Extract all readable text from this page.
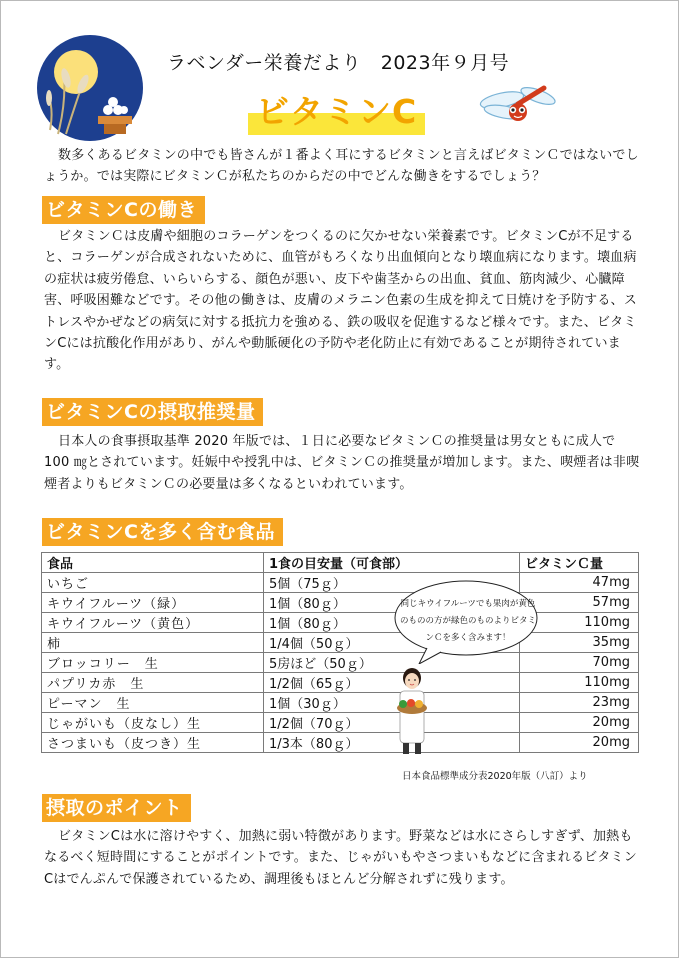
ラベンダー栄養だより　2023年９月号
ビタミンC
数多くあるビタミンの中でも皆さんが１番よく耳にするビタミンと言えばビタミンＣではないでしょうか。では実際にビタミンＣが私たちのからだの中でどんな働きをするでしょう？
ビタミンCの働き
ビタミンＣは皮膚や細胞のコラーゲンをつくるのに欠かせない栄養素です。ビタミンCが不足すると、コラーゲンが合成されないために、血管がもろくなり出血傾向となり壊血病になります。壊血病の症状は疲労倦怠、いらいらする、顔色が悪い、皮下や歯茎からの出血、貧血、筋肉減少、心臓障害、呼吸困難などです。その他の働きは、皮膚のメラニン色素の生成を抑えて日焼けを予防する、ストレスやかぜなどの病気に対する抵抗力を強める、鉄の吸収を促進するなど様々です。また、ビタミンCには抗酸化作用があり、がんや動脈硬化の予防や老化防止に有効であることが期待されています。
ビタミンCの摂取推奨量
日本人の食事摂取基準 2020 年版では、１日に必要なビタミンＣの推奨量は男女ともに成人で 100 ㎎とされています。妊娠中や授乳中は、ビタミンＣの推奨量が増加します。また、喫煙者は非喫煙者よりもビタミンＣの必要量は多くなるといわれています。
ビタミンCを多く含む食品
食品	1食の目安量（可食部）	ビタミンＣ量
いちご	5個（75ｇ）	47mg
キウイフルーツ（緑）	1個（80ｇ）	57mg
キウイフルーツ（黄色）	1個（80ｇ）	110mg
柿	1/4個（50ｇ）	35mg
ブロッコリー　生	5房ほど（50ｇ）	70mg
パプリカ赤　生	1/2個（65ｇ）	110mg
ピーマン　生	1個（30ｇ）	23mg
じゃがいも（皮なし）生	1/2個（70ｇ）	20mg
さつまいも（皮つき）生	1/3本（80ｇ）	20mg
同じキウイフルーツでも果肉が黄色のものの方が緑色のものよりビタミンＣを多く含みます！
日本食品標準成分表2020年版（八訂）より
摂取のポイント
ビタミンCは水に溶けやすく、加熱に弱い特徴があります。野菜などは水にさらしすぎず、加熱もなるべく短時間にすることがポイントです。また、じゃがいもやさつまいもなどに含まれるビタミンCはでんぷんで保護されているため、調理後もほとんど分解されずに残ります。
